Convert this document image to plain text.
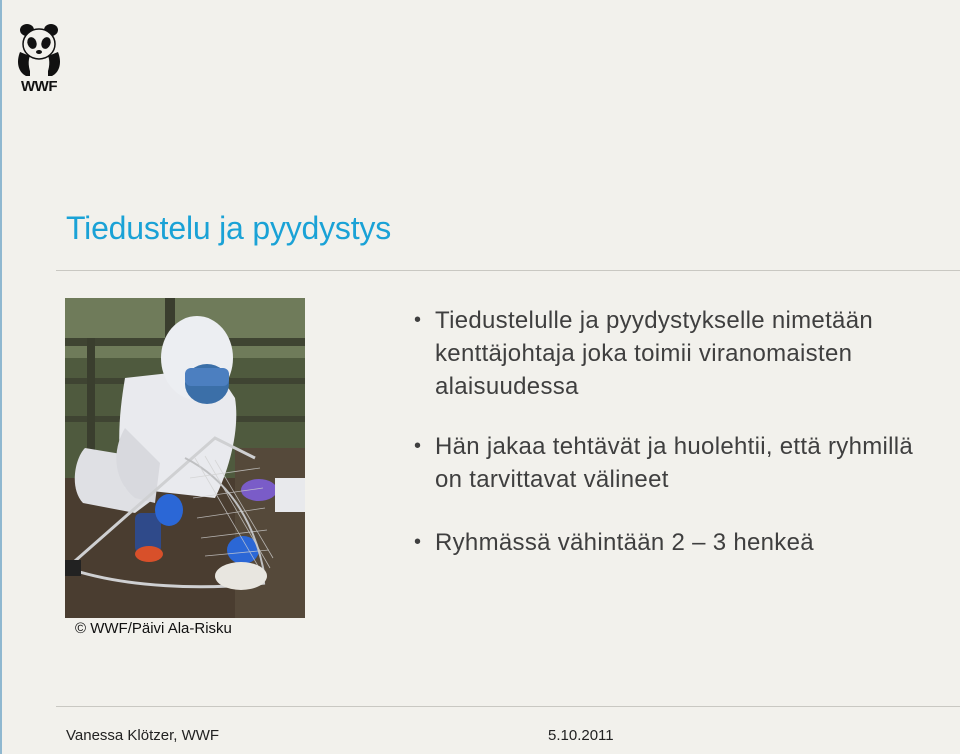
WWF
Tiedustelu ja pyydystys
© WWF/Päivi Ala-Risku
• Tiedustelulle ja pyydystykselle nimetään kenttäjohtaja joka toimii viranomaisten alaisuudessa
• Hän jakaa tehtävät ja huolehtii, että ryhmillä on tarvittavat välineet
• Ryhmässä vähintään 2 – 3 henkeä
Vanessa Klötzer, WWF	5.10.2011
